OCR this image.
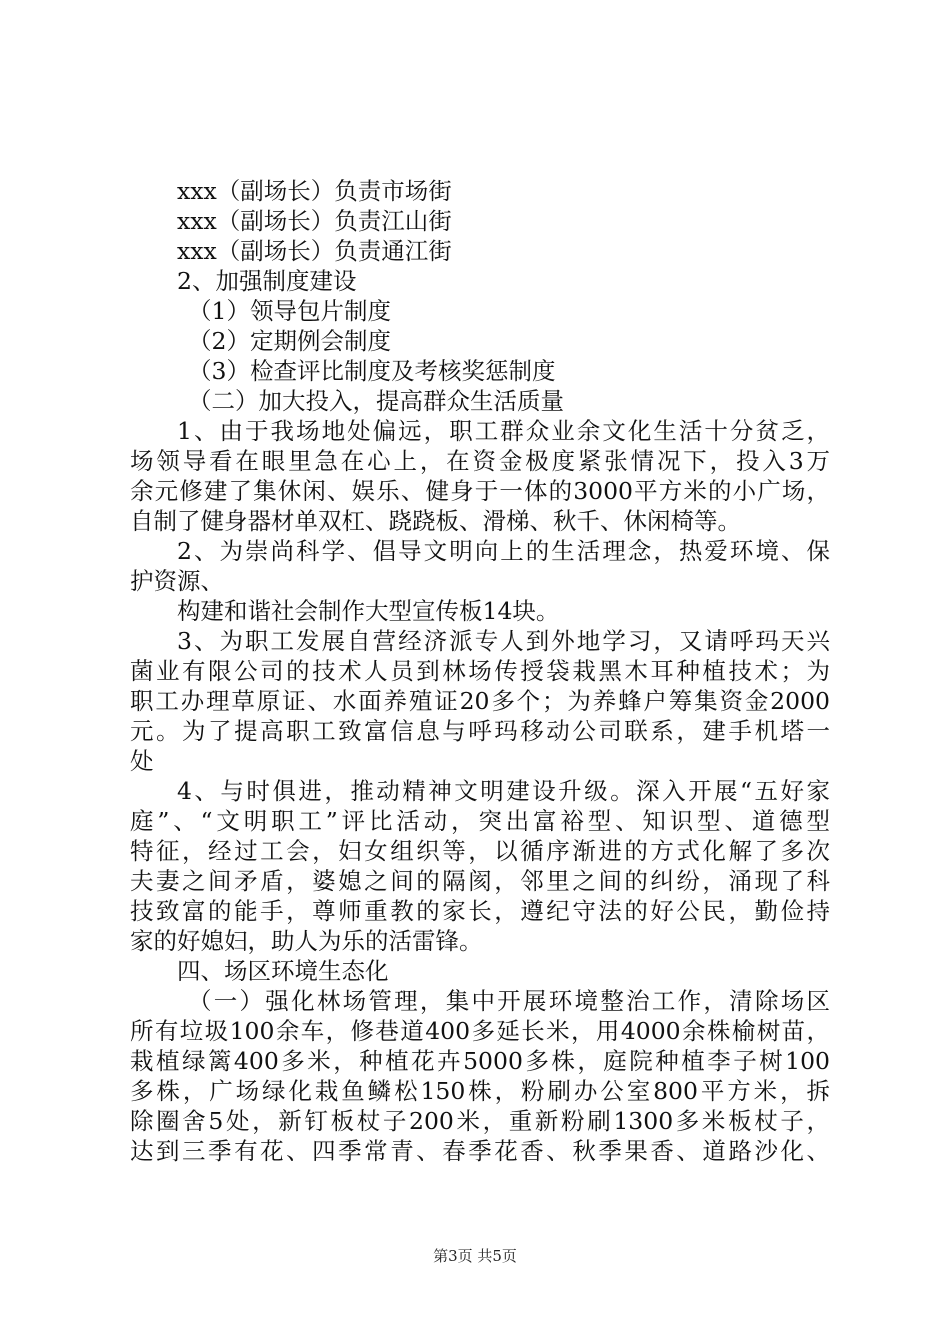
xxx（副场长）负责市场街
xxx（副场长）负责江山街
xxx（副场长）负责通江街
2、加强制度建设
（1）领导包片制度
（2）定期例会制度
（3）检查评比制度及考核奖惩制度
（二）加大投入，提高群众生活质量
1、由于我场地处偏远，职工群众业余文化生活十分贫乏，
场领导看在眼里急在心上，在资金极度紧张情况下，投入3万
余元修建了集休闲、娱乐、健身于一体的3000平方米的小广场，
自制了健身器材单双杠、跷跷板、滑梯、秋千、休闲椅等。
2、为崇尚科学、倡导文明向上的生活理念，热爱环境、保
护资源、
构建和谐社会制作大型宣传板14块。
3、为职工发展自营经济派专人到外地学习，又请呼玛天兴
菌业有限公司的技术人员到林场传授袋栽黑木耳种植技术；为
职工办理草原证、水面养殖证20多个；为养蜂户筹集资金2000
元。为了提高职工致富信息与呼玛移动公司联系，建手机塔一
处
4、与时俱进，推动精神文明建设升级。深入开展“五好家
庭”、“文明职工”评比活动，突出富裕型、知识型、道德型
特征，经过工会，妇女组织等，以循序渐进的方式化解了多次
夫妻之间矛盾，婆媳之间的隔阂，邻里之间的纠纷，涌现了科
技致富的能手，尊师重教的家长，遵纪守法的好公民，勤俭持
家的好媳妇，助人为乐的活雷锋。
四、场区环境生态化
（一）强化林场管理，集中开展环境整治工作，清除场区
所有垃圾100余车，修巷道400多延长米，用4000余株榆树苗，
栽植绿篱400多米，种植花卉5000多株，庭院种植李子树100
多株，广场绿化栽鱼鳞松150株，粉刷办公室800平方米，拆
除圈舍5处，新钉板杖子200米，重新粉刷1300多米板杖子，
达到三季有花、四季常青、春季花香、秋季果香、道路沙化、
第3页 共5页
